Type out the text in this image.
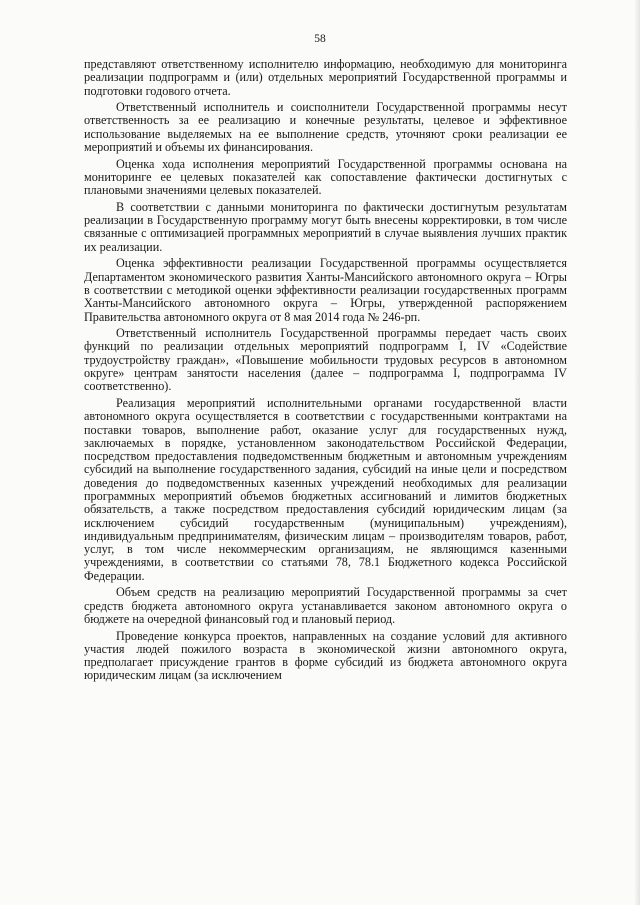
58

представляют ответственному исполнителю информацию, необходимую для мониторинга реализации подпрограмм и (или) отдельных мероприятий Государственной программы и подготовки годового отчета.

Ответственный исполнитель и соисполнители Государственной программы несут ответственность за ее реализацию и конечные результаты, целевое и эффективное использование выделяемых на ее выполнение средств, уточняют сроки реализации ее мероприятий и объемы их финансирования.

Оценка хода исполнения мероприятий Государственной программы основана на мониторинге ее целевых показателей как сопоставление фактически достигнутых с плановыми значениями целевых показателей.

В соответствии с данными мониторинга по фактически достигнутым результатам реализации в Государственную программу могут быть внесены корректировки, в том числе связанные с оптимизацией программных мероприятий в случае выявления лучших практик их реализации.

Оценка эффективности реализации Государственной программы осуществляется Департаментом экономического развития Ханты-Мансийского автономного округа – Югры в соответствии с методикой оценки эффективности реализации государственных программ Ханты-Мансийского автономного округа – Югры, утвержденной распоряжением Правительства автономного округа от 8 мая 2014 года № 246-рп.

Ответственный исполнитель Государственной программы передает часть своих функций по реализации отдельных мероприятий подпрограмм I, IV «Содействие трудоустройству граждан», «Повышение мобильности трудовых ресурсов в автономном округе» центрам занятости населения (далее – подпрограмма I, подпрограмма IV соответственно).

Реализация мероприятий исполнительными органами государственной власти автономного округа осуществляется в соответствии с государственными контрактами на поставки товаров, выполнение работ, оказание услуг для государственных нужд, заключаемых в порядке, установленном законодательством Российской Федерации, посредством предоставления подведомственным бюджетным и автономным учреждениям субсидий на выполнение государственного задания, субсидий на иные цели и посредством доведения до подведомственных казенных учреждений необходимых для реализации программных мероприятий объемов бюджетных ассигнований и лимитов бюджетных обязательств, а также посредством предоставления субсидий юридическим лицам (за исключением субсидий государственным (муниципальным) учреждениям), индивидуальным предпринимателям, физическим лицам – производителям товаров, работ, услуг, в том числе некоммерческим организациям, не являющимся казенными учреждениями, в соответствии со статьями 78, 78.1 Бюджетного кодекса Российской Федерации.

Объем средств на реализацию мероприятий Государственной программы за счет средств бюджета автономного округа устанавливается законом автономного округа о бюджете на очередной финансовый год и плановый период.

Проведение конкурса проектов, направленных на создание условий для активного участия людей пожилого возраста в экономической жизни автономного округа, предполагает присуждение грантов в форме субсидий из бюджета автономного округа юридическим лицам (за исключением
